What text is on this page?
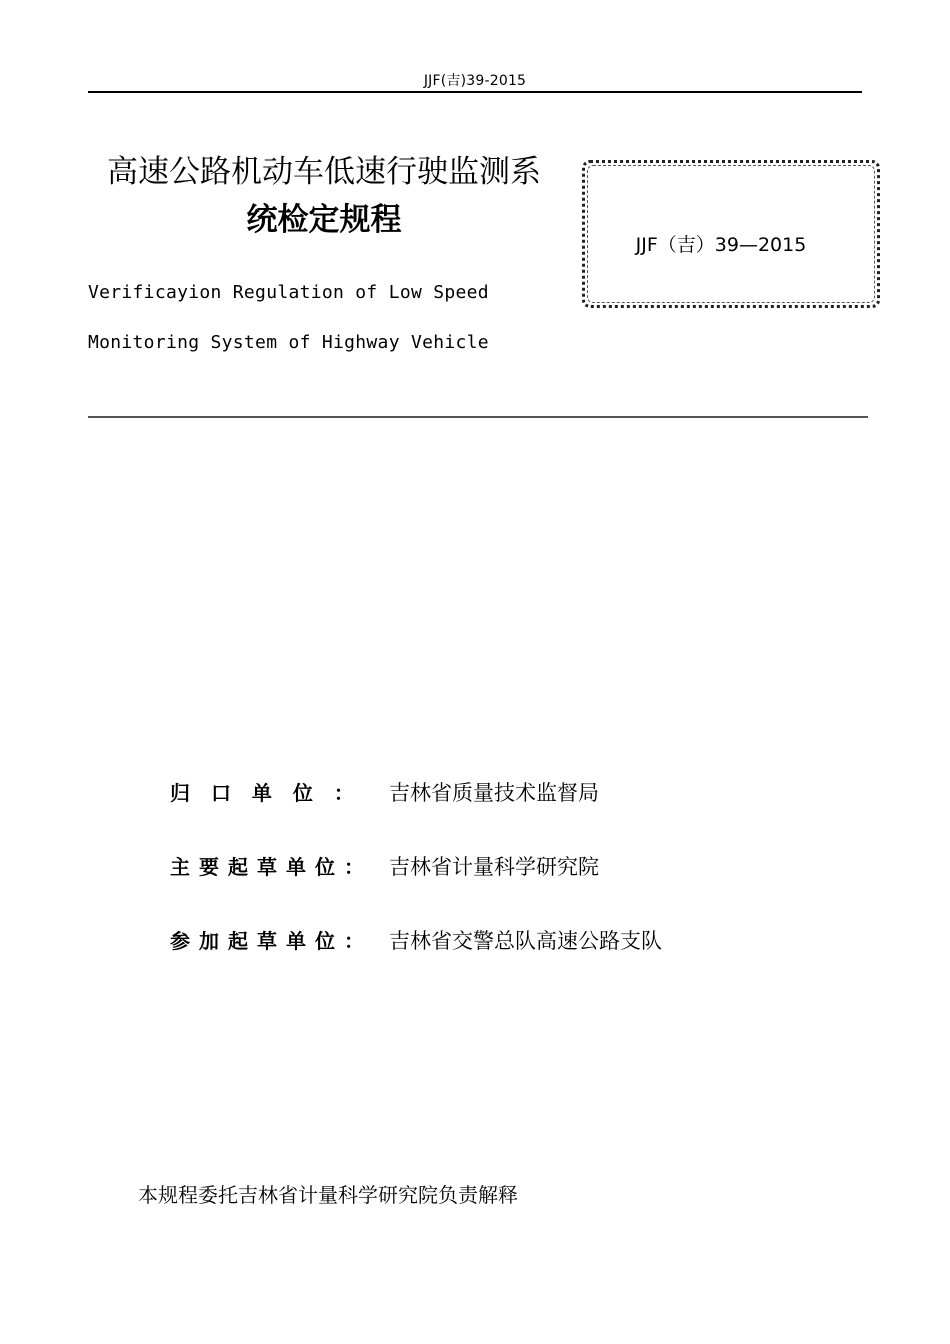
JJF(吉)39-2015
高速公路机动车低速行驶监测系
统检定规程
JJF（吉）39—2015
Verificayion Regulation of Low Speed
Monitoring System of Highway Vehicle
归 口 单 位 ：	吉林省质量技术监督局
主要起草单位： 吉林省计量科学研究院
参加起草单位： 吉林省交警总队高速公路支队
本规程委托吉林省计量科学研究院负责解释
